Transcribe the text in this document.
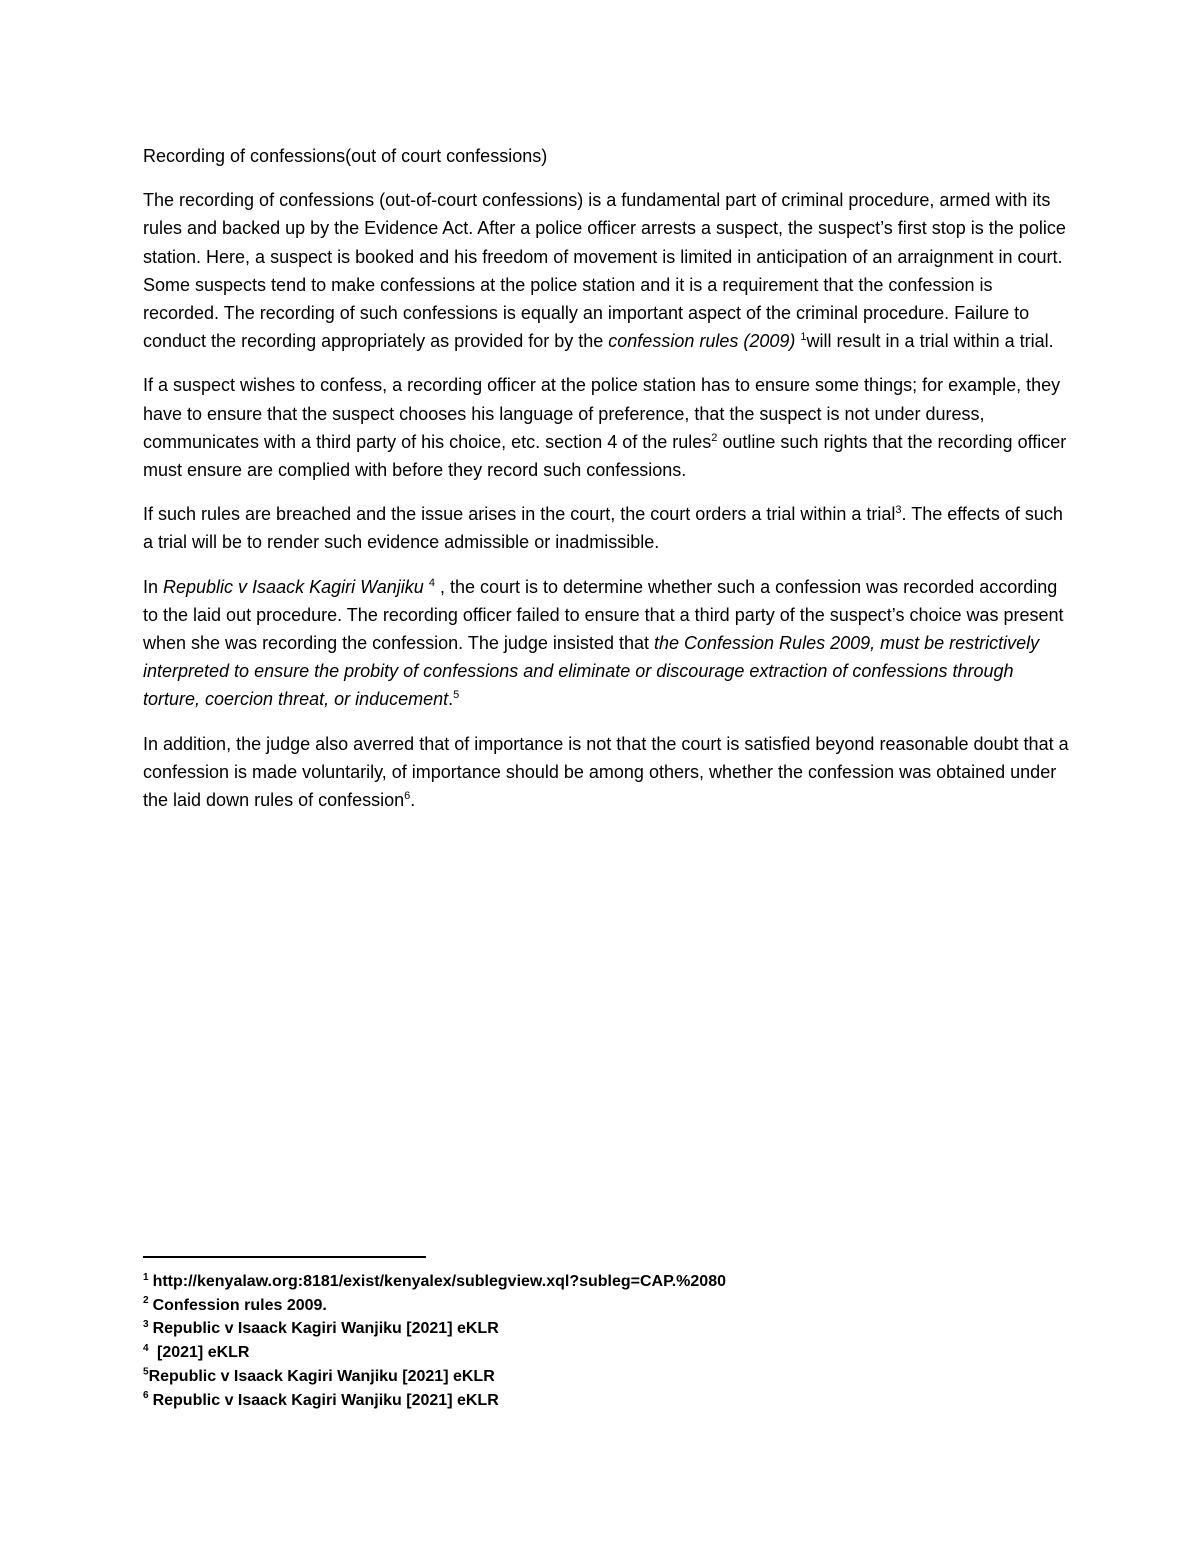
Recording of confessions(out of court confessions)

The recording of confessions (out-of-court confessions) is a fundamental part of criminal procedure, armed with its rules and backed up by the Evidence Act. After a police officer arrests a suspect, the suspect’s first stop is the police station. Here, a suspect is booked and his freedom of movement is limited in anticipation of an arraignment in court. Some suspects tend to make confessions at the police station and it is a requirement that the confession is recorded. The recording of such confessions is equally an important aspect of the criminal procedure. Failure to conduct the recording appropriately as provided for by the confession rules (2009) $^1$will result in a trial within a trial.

If a suspect wishes to confess, a recording officer at the police station has to ensure some things; for example, they have to ensure that the suspect chooses his language of preference, that the suspect is not under duress, communicates with a third party of his choice, etc. section 4 of the rules$^2$ outline such rights that the recording officer must ensure are complied with before they record such confessions.

If such rules are breached and the issue arises in the court, the court orders a trial within a trial$^3$. The effects of such a trial will be to render such evidence admissible or inadmissible.

In Republic v Isaack Kagiri Wanjiku $^4$ , the court is to determine whether such a confession was recorded according to the laid out procedure. The recording officer failed to ensure that a third party of the suspect’s choice was present when she was recording the confession. The judge insisted that the Confession Rules 2009, must be restrictively interpreted to ensure the probity of confessions and eliminate or discourage extraction of confessions through torture, coercion threat, or inducement.$^5$

In addition, the judge also averred that of importance is not that the court is satisfied beyond reasonable doubt that a confession is made voluntarily, of importance should be among others, whether the confession was obtained under the laid down rules of confession$^6$.

$^1$ http://kenyalaw.org:8181/exist/kenyalex/sublegview.xql?subleg=CAP.%2080
$^2$ Confession rules 2009.
$^3$ Republic v Isaack Kagiri Wanjiku [2021] eKLR
$^4$ [2021] eKLR
$^5$Republic v Isaack Kagiri Wanjiku [2021] eKLR
$^6$ Republic v Isaack Kagiri Wanjiku [2021] eKLR
